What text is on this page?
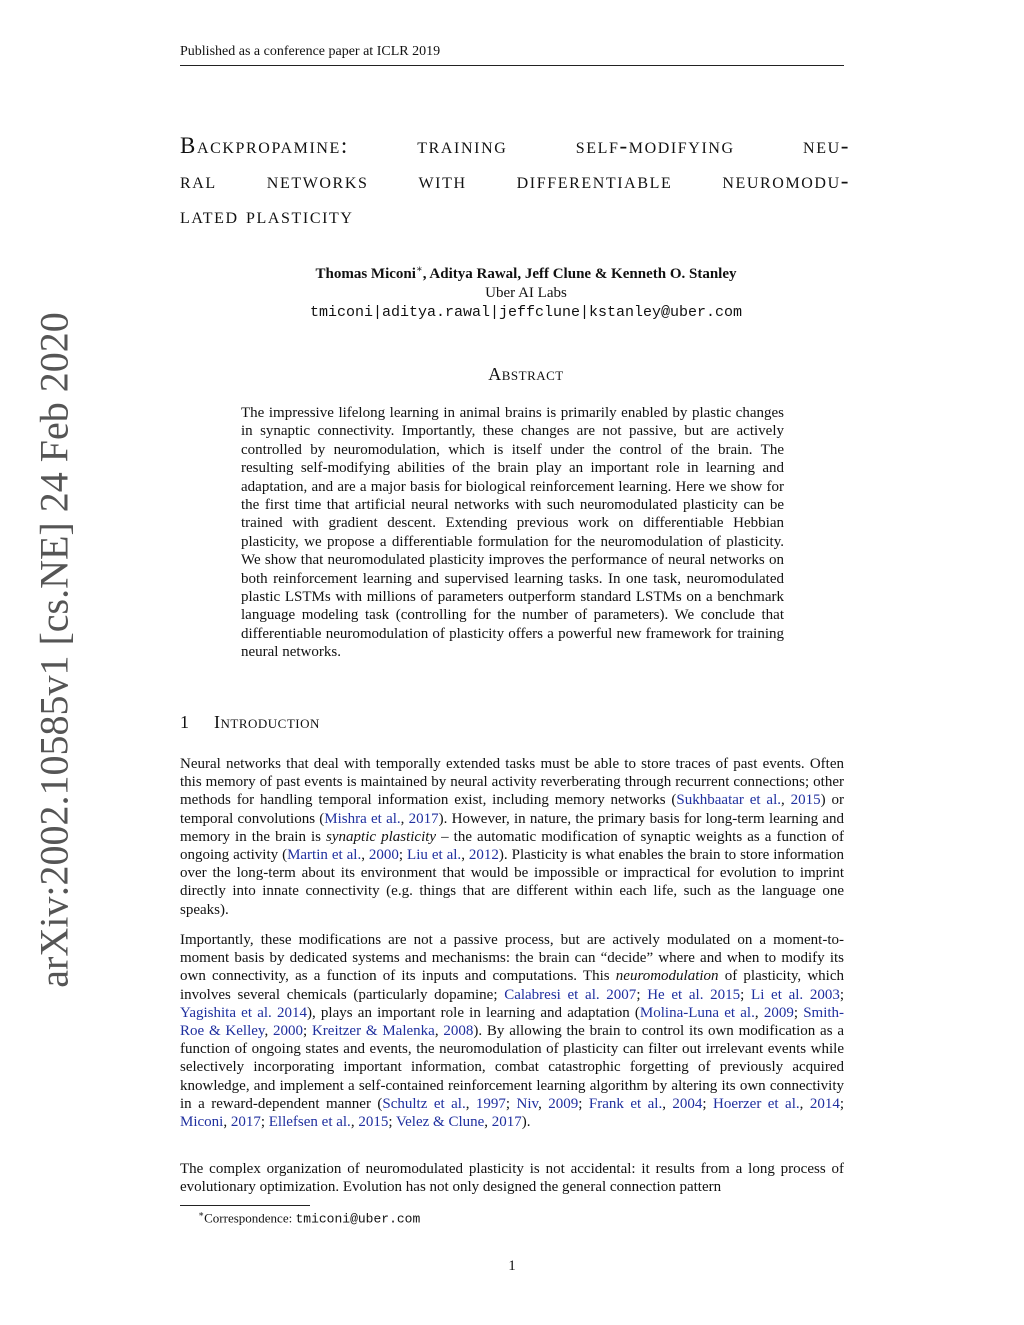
Published as a conference paper at ICLR 2019
arXiv:2002.10585v1 [cs.NE] 24 Feb 2020
Backpropamine: training self-modifying neu-
ral networks with differentiable neuromodu-
lated plasticity
Thomas Miconi∗, Aditya Rawal, Jeff Clune & Kenneth O. Stanley
Uber AI Labs
tmiconi|aditya.rawal|jeffclune|kstanley@uber.com
Abstract

The impressive lifelong learning in animal brains is primarily enabled by plastic changes in synaptic connectivity. Importantly, these changes are not passive, but are actively controlled by neuromodulation, which is itself under the control of the brain. The resulting self-modifying abilities of the brain play an important role in learning and adaptation, and are a major basis for biological reinforcement learning. Here we show for the first time that artificial neural networks with such neuromodulated plasticity can be trained with gradient descent. Extending previous work on differentiable Hebbian plasticity, we propose a differentiable formulation for the neuromodulation of plasticity. We show that neuromodulated plasticity improves the performance of neural networks on both reinforcement learning and supervised learning tasks. In one task, neuromodulated plastic LSTMs with millions of parameters outperform standard LSTMs on a benchmark language modeling task (controlling for the number of parameters). We conclude that differentiable neuromodulation of plasticity offers a powerful new framework for training neural networks.

1 Introduction

Neural networks that deal with temporally extended tasks must be able to store traces of past events. Often this memory of past events is maintained by neural activity reverberating through recurrent connections; other methods for handling temporal information exist, including memory networks (Sukhbaatar et al., 2015) or temporal convolutions (Mishra et al., 2017). However, in nature, the primary basis for long-term learning and memory in the brain is synaptic plasticity – the automatic modification of synaptic weights as a function of ongoing activity (Martin et al., 2000; Liu et al., 2012). Plasticity is what enables the brain to store information over the long-term about its environment that would be impossible or impractical for evolution to imprint directly into innate connectivity (e.g. things that are different within each life, such as the language one speaks).

Importantly, these modifications are not a passive process, but are actively modulated on a moment-to-moment basis by dedicated systems and mechanisms: the brain can “decide” where and when to modify its own connectivity, as a function of its inputs and computations. This neuromodulation of plasticity, which involves several chemicals (particularly dopamine; Calabresi et al. 2007; He et al. 2015; Li et al. 2003; Yagishita et al. 2014), plays an important role in learning and adaptation (Molina-Luna et al., 2009; Smith-Roe & Kelley, 2000; Kreitzer & Malenka, 2008). By allowing the brain to control its own modification as a function of ongoing states and events, the neuromodulation of plasticity can filter out irrelevant events while selectively incorporating important information, combat catastrophic forgetting of previously acquired knowledge, and implement a self-contained reinforcement learning algorithm by altering its own connectivity in a reward-dependent manner (Schultz et al., 1997; Niv, 2009; Frank et al., 2004; Hoerzer et al., 2014; Miconi, 2017; Ellefsen et al., 2015; Velez & Clune, 2017).

The complex organization of neuromodulated plasticity is not accidental: it results from a long process of evolutionary optimization. Evolution has not only designed the general connection pattern

∗Correspondence: tmiconi@uber.com
1
